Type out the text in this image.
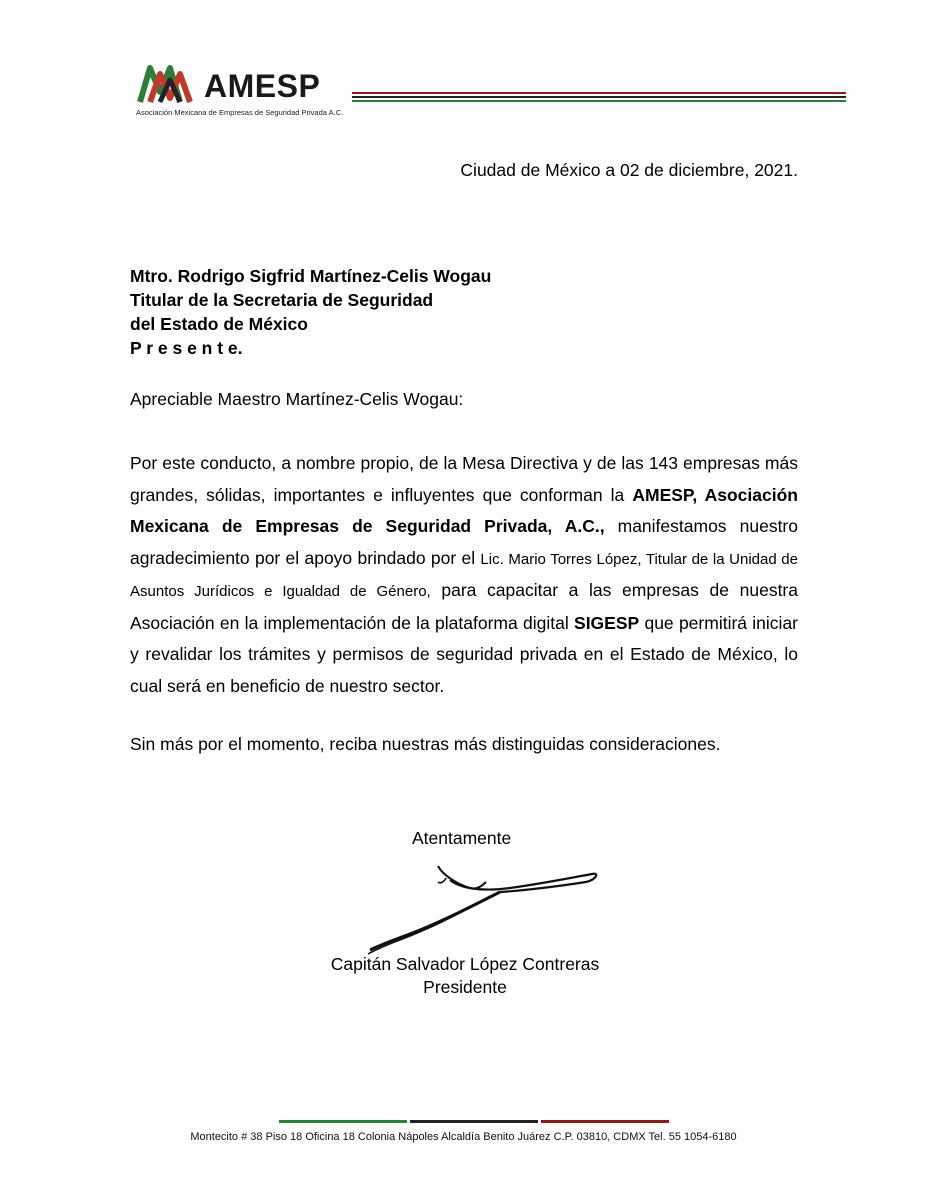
AMESP
Asociación Mexicana de Empresas de Seguridad Privada A.C.
Ciudad de México a 02 de diciembre, 2021.
Mtro. Rodrigo Sigfrid Martínez-Celis Wogau
Titular de la Secretaria de Seguridad
del Estado de México
P r e s e n t e.
Apreciable Maestro Martínez-Celis Wogau:
Por este conducto, a nombre propio, de la Mesa Directiva y de las 143 empresas más grandes, sólidas, importantes e influyentes que conforman la AMESP, Asociación Mexicana de Empresas de Seguridad Privada, A.C., manifestamos nuestro agradecimiento por el apoyo brindado por el Lic. Mario Torres López, Titular de la Unidad de Asuntos Jurídicos e Igualdad de Género, para capacitar a las empresas de nuestra Asociación en la implementación de la plataforma digital SIGESP que permitirá iniciar y revalidar los trámites y permisos de seguridad privada en el Estado de México, lo cual será en beneficio de nuestro sector.
Sin más por el momento, reciba nuestras más distinguidas consideraciones.
Atentamente
Capitán Salvador López Contreras
Presidente
Montecito # 38 Piso 18 Oficina 18 Colonia Nápoles Alcaldía Benito Juárez C.P. 03810, CDMX Tel. 55 1054-6180
